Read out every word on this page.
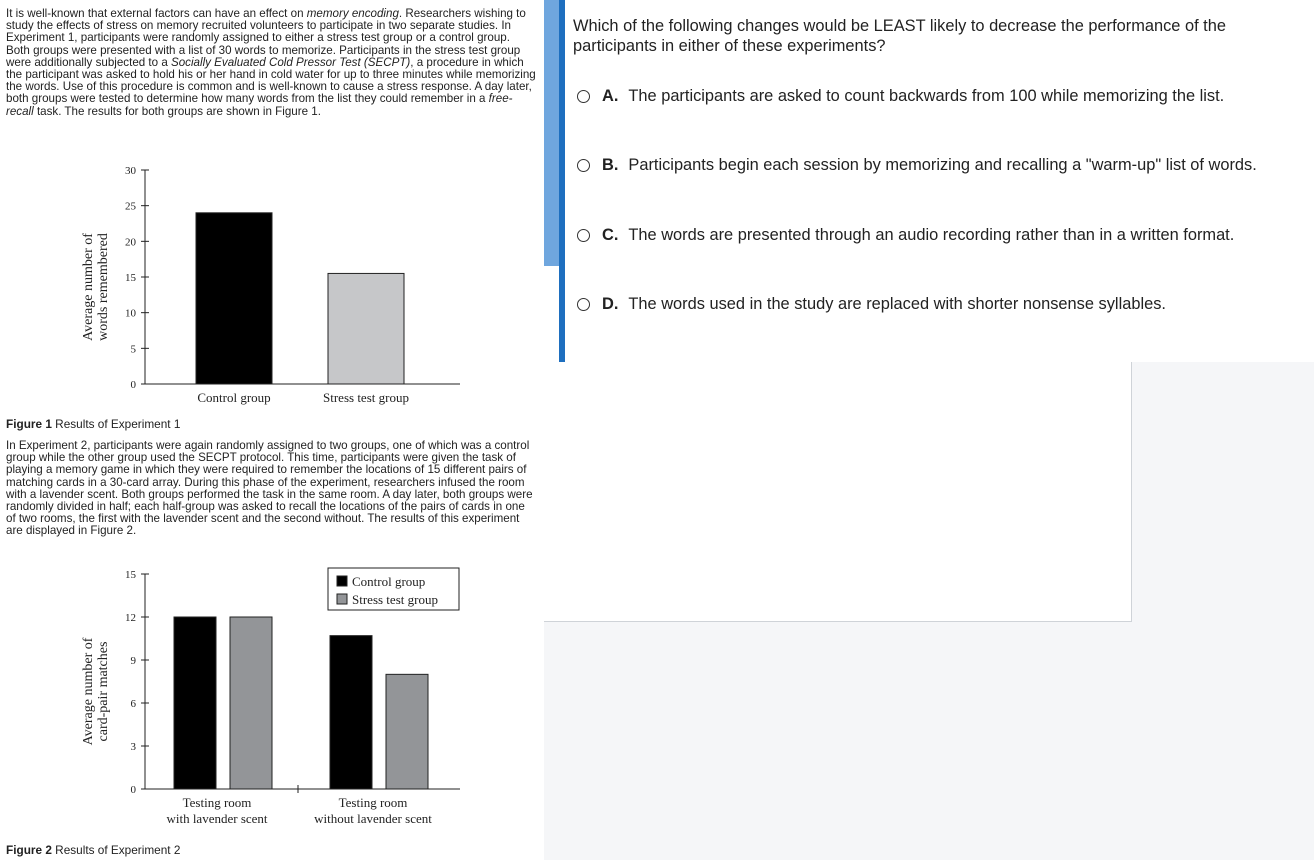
It is well-known that external factors can have an effect on memory encoding. Researchers wishing to study the effects of stress on memory recruited volunteers to participate in two separate studies. In Experiment 1, participants were randomly assigned to either a stress test group or a control group. Both groups were presented with a list of 30 words to memorize. Participants in the stress test group were additionally subjected to a Socially Evaluated Cold Pressor Test (SECPT), a procedure in which the participant was asked to hold his or her hand in cold water for up to three minutes while memorizing the words. Use of this procedure is common and is well-known to cause a stress response. A day later, both groups were tested to determine how many words from the list they could remember in a free-recall task. The results for both groups are shown in Figure 1.

0
5
10
15
20
25
30
Average number of words remembered
Control group	Stress test group

Figure 1 Results of Experiment 1

In Experiment 2, participants were again randomly assigned to two groups, one of which was a control group while the other group used the SECPT protocol. This time, participants were given the task of playing a memory game in which they were required to remember the locations of 15 different pairs of matching cards in a 30-card array. During this phase of the experiment, researchers infused the room with a lavender scent. Both groups performed the task in the same room. A day later, both groups were randomly divided in half; each half-group was asked to recall the locations of the pairs of cards in one of two rooms, the first with the lavender scent and the second without. The results of this experiment are displayed in Figure 2.

0
3
6
9
12
15
Average number of card-pair matches
Testing room
with lavender scent
Testing room
without lavender scent
Control group
Stress test group

Figure 2 Results of Experiment 2

Which of the following changes would be LEAST likely to decrease the performance of the participants in either of these experiments?

A. The participants are asked to count backwards from 100 while memorizing the list.
B. Participants begin each session by memorizing and recalling a "warm-up" list of words.
C. The words are presented through an audio recording rather than in a written format.
D. The words used in the study are replaced with shorter nonsense syllables.
